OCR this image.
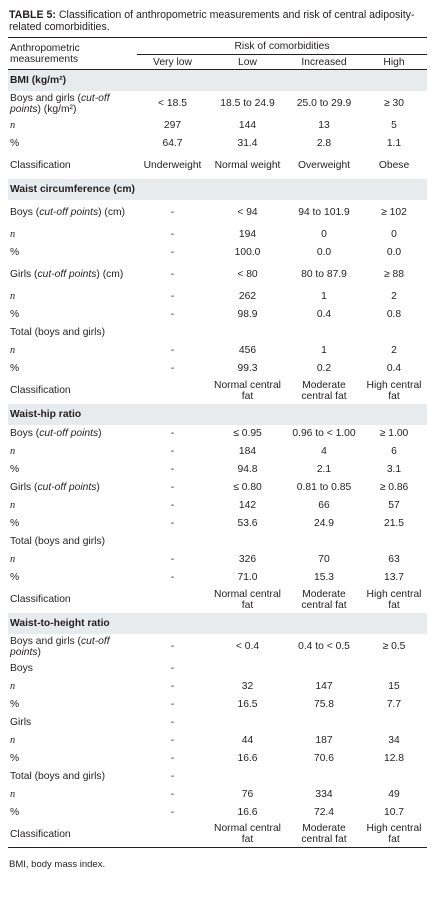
TABLE 5: Classification of anthropometric measurements and risk of central adiposity-related comorbidities.
Anthropometric measurements	Risk of comorbidities			
	Very low	Low	Increased	High
BMI (kg/m²)				
Boys and girls (cut-off points) (kg/m²)	< 18.5	18.5 to 24.9	25.0 to 29.9	≥ 30
n	297	144	13	5
%	64.7	31.4	2.8	1.1
Classification	Underweight	Normal weight	Overweight	Obese
Waist circumference (cm)				
Boys (cut-off points) (cm)	-	< 94	94 to 101.9	≥ 102
n	-	194	0	0
%	-	100.0	0.0	0.0
Girls (cut-off points) (cm)	-	< 80	80 to 87.9	≥ 88
n	-	262	1	2
%	-	98.9	0.4	0.8
Total (boys and girls)				
n	-	456	1	2
%	-	99.3	0.2	0.4
Classification		Normal central fat	Moderate central fat	High central fat
Waist-hip ratio				
Boys (cut-off points)	-	≤ 0.95	0.96 to < 1.00	≥ 1.00
n	-	184	4	6
%	-	94.8	2.1	3.1
Girls (cut-off points)	-	≤ 0.80	0.81 to 0.85	≥ 0.86
n	-	142	66	57
%	-	53.6	24.9	21.5
Total (boys and girls)				
n	-	326	70	63
%	-	71.0	15.3	13.7
Classification		Normal central fat	Moderate central fat	High central fat
Waist-to-height ratio				
Boys and girls (cut-off points)	-	< 0.4	0.4 to < 0.5	≥ 0.5
Boys	-			
n	-	32	147	15
%	-	16.5	75.8	7.7
Girls	-			
n	-	44	187	34
%	-	16.6	70.6	12.8
Total (boys and girls)	-			
n	-	76	334	49
%	-	16.6	72.4	10.7
Classification		Normal central fat	Moderate central fat	High central fat
BMI, body mass index.
